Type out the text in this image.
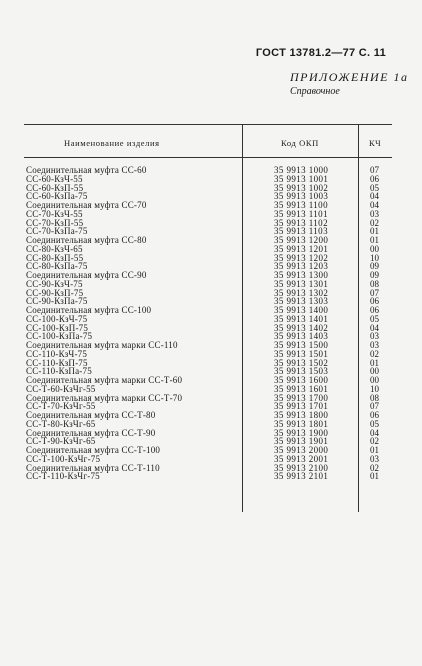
ГОСТ 13781.2—77 С. 11
ПРИЛОЖЕНИЕ 1а
Справочное
Наименование изделия	Код ОКП	КЧ
Соединительная муфта СС-60	35 9913 1000	07
СС-60-КзЧ-55	35 9913 1001	06
СС-60-КзП-55	35 9913 1002	05
СС-60-КзПа-75	35 9913 1003	04
Соединительная муфта СС-70	35 9913 1100	04
СС-70-КзЧ-55	35 9913 1101	03
СС-70-КзП-55	35 9913 1102	02
СС-70-КзПа-75	35 9913 1103	01
Соединительная муфта СС-80	35 9913 1200	01
СС-80-КзЧ-65	35 9913 1201	00
СС-80-КзП-55	35 9913 1202	10
СС-80-КзПа-75	35 9913 1203	09
Соединительная муфта СС-90	35 9913 1300	09
СС-90-КзЧ-75	35 9913 1301	08
СС-90-КзП-75	35 9913 1302	07
СС-90-КзПа-75	35 9913 1303	06
Соединительная муфта СС-100	35 9913 1400	06
СС-100-КзЧ-75	35 9913 1401	05
СС-100-КзП-75	35 9913 1402	04
СС-100-КзПа-75	35 9913 1403	03
Соединительная муфта марки СС-110	35 9913 1500	03
СС-110-КзЧ-75	35 9913 1501	02
СС-110-КзП-75	35 9913 1502	01
СС-110-КзПа-75	35 9913 1503	00
Соединительная муфта марки СС-Т-60	35 9913 1600	00
СС-Т-60-КзЧг-55	35 9913 1601	10
Соединительная муфта марки СС-Т-70	35 9913 1700	08
СС-Т-70-КзЧг-55	35 9913 1701	07
Соединительная муфта СС-Т-80	35 9913 1800	06
СС-Т-80-КзЧг-65	35 9913 1801	05
Соединительная муфта СС-Т-90	35 9913 1900	04
СС-Т-90-КзЧг-65	35 9913 1901	02
Соединительная муфта СС-Т-100	35 9913 2000	01
СС-Т-100-КзЧг-75	35 9913 2001	03
Соединительная муфта СС-Т-110	35 9913 2100	02
СС-Т-110-КзЧг-75	35 9913 2101	01
